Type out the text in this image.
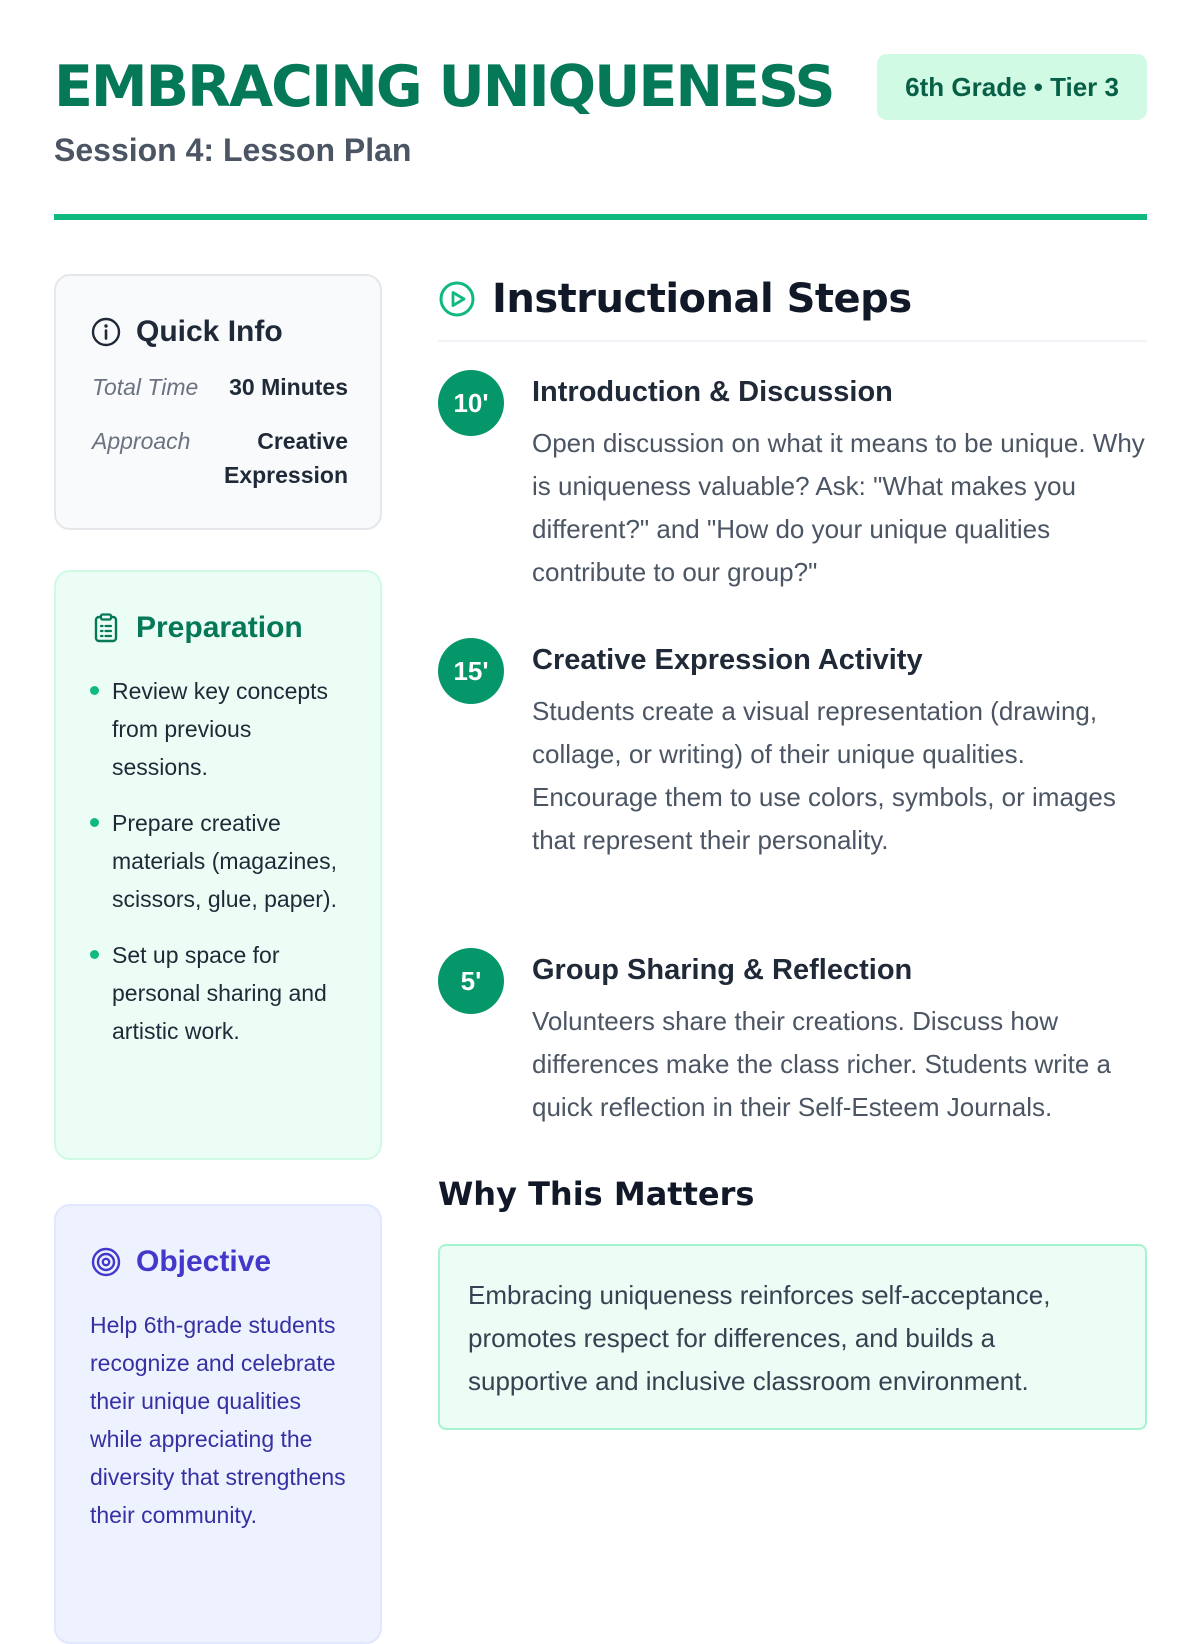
EMBRACING UNIQUENESS	6th Grade • Tier 3
Session 4: Lesson Plan
Quick Info
Total Time 30 Minutes
Approach	Creative Expression
Preparation
Review key concepts from previous sessions.
Prepare creative materials (magazines, scissors, glue, paper).
Set up space for personal sharing and artistic work.
Objective

Help 6th-grade students recognize and celebrate their unique qualities while appreciating the diversity that strengthens their community.

Instructional Steps
10'	Introduction & Discussion

Open discussion on what it means to be unique. Why is uniqueness valuable? Ask: "What makes you different?" and "How do your unique qualities contribute to our group?"

15'	Creative Expression Activity

Students create a visual representation (drawing, collage, or writing) of their unique qualities. Encourage them to use colors, symbols, or images that represent their personality.

5'	Group Sharing & Reflection

Volunteers share their creations. Discuss how differences make the class richer. Students write a quick reflection in their Self-Esteem Journals.

Why This Matters

Embracing uniqueness reinforces self-acceptance, promotes respect for differences, and builds a supportive and inclusive classroom environment.
